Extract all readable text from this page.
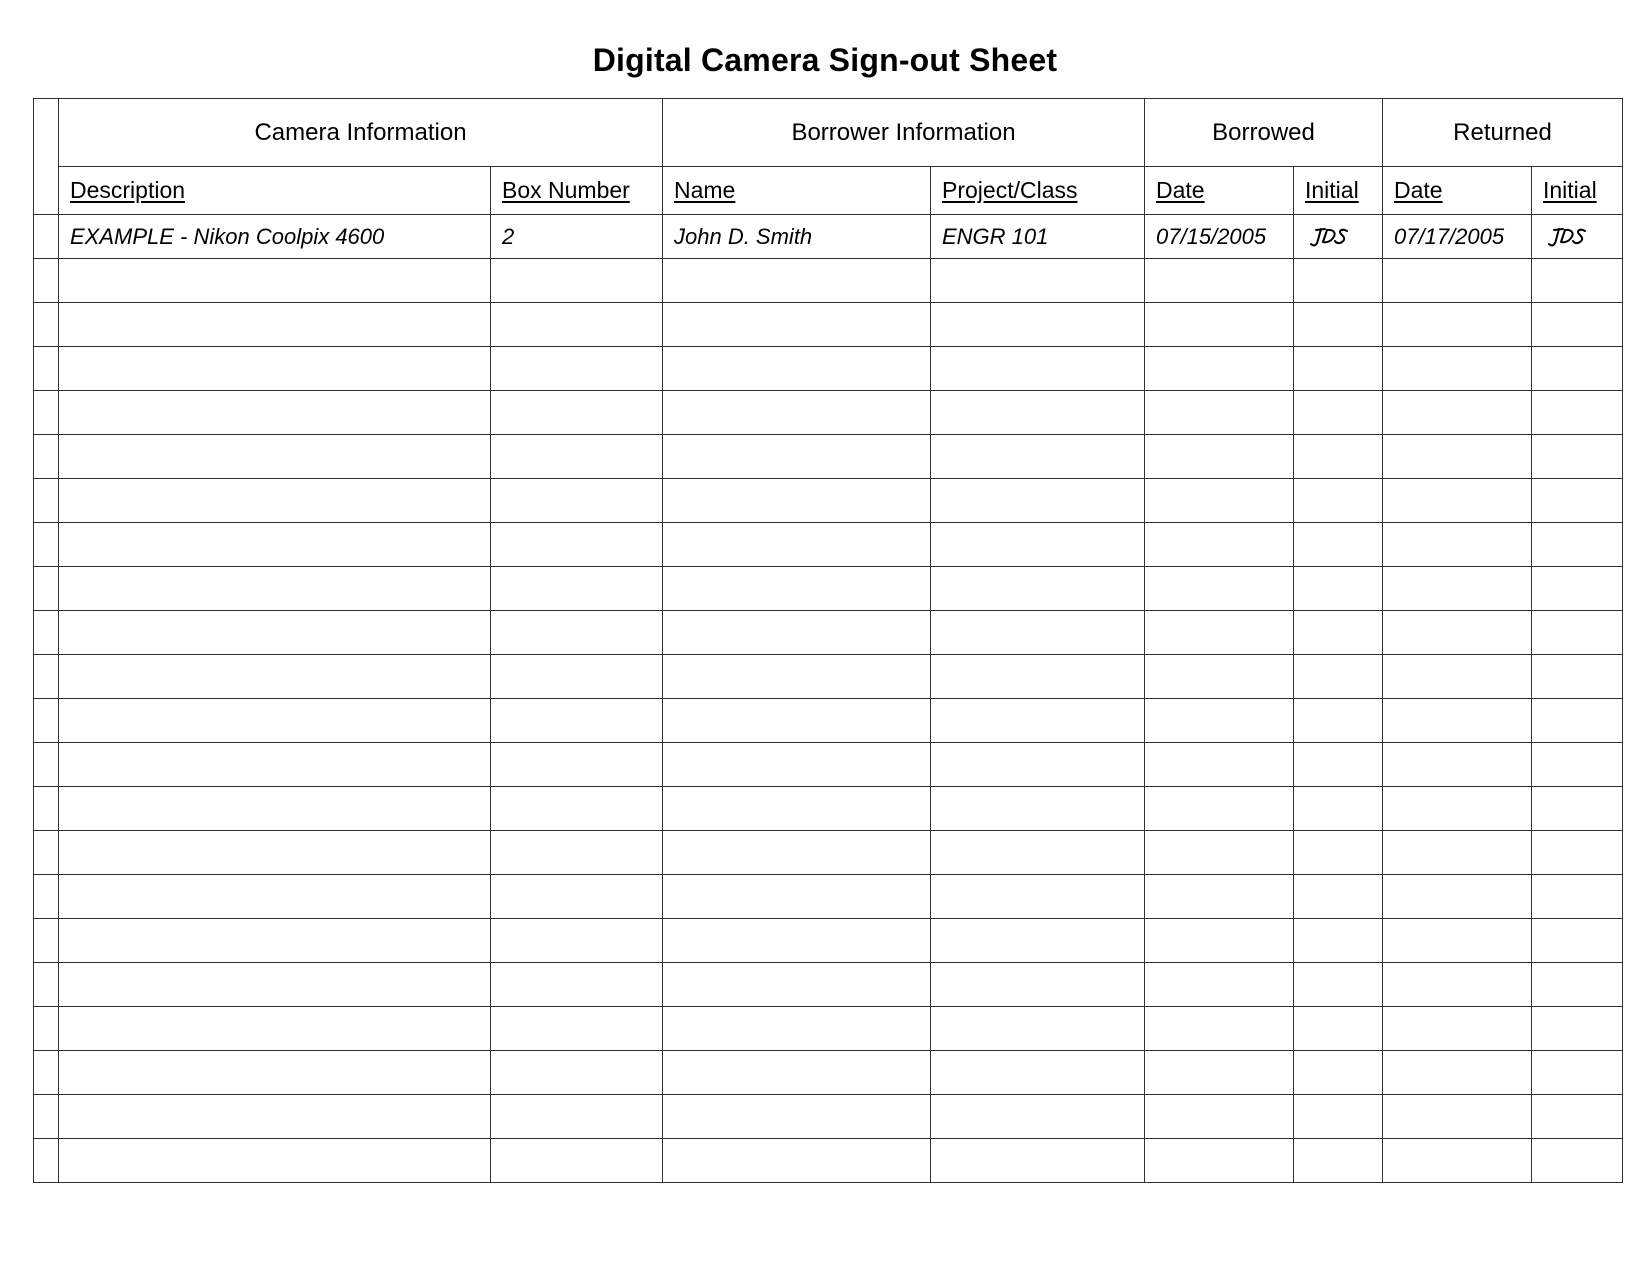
Digital Camera Sign-out Sheet
	Camera Information		Borrower Information		Borrowed		Returned	
	Description	Box Number	Name	Project/Class	Date	Initial	Date	Initial
	EXAMPLE - Nikon Coolpix 4600	2	John D. Smith	ENGR 101	07/15/2005		07/17/2005	
